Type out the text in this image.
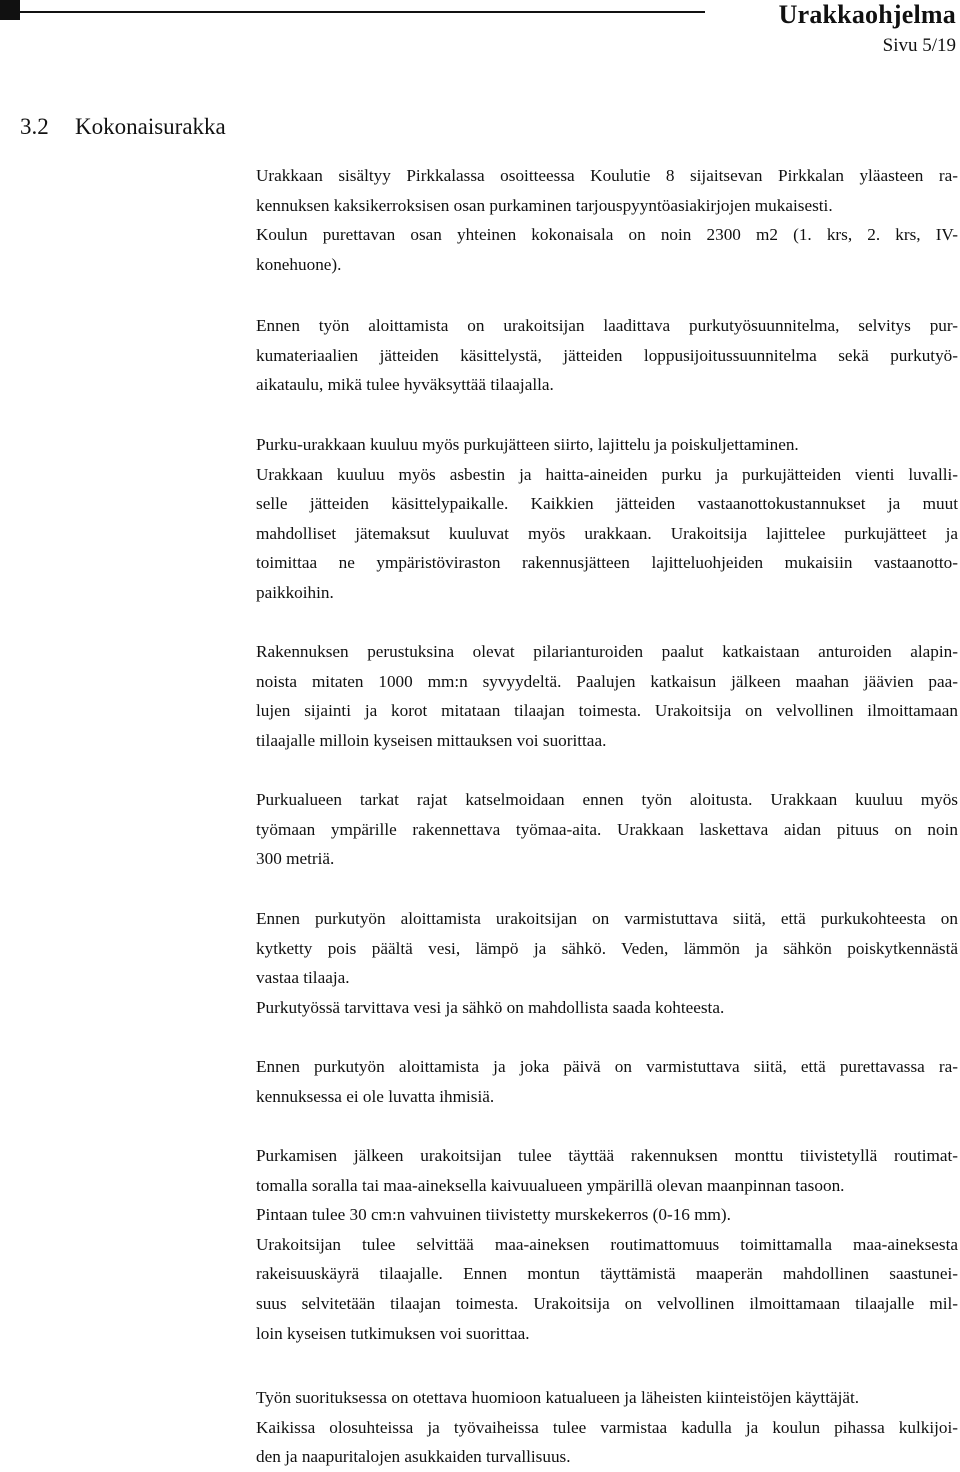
Urakkaohjelma
Sivu 5/19
3.2 Kokonaisurakka

Urakkaan sisältyy Pirkkalassa osoitteessa Koulutie 8 sijaitsevan Pirkkalan yläasteen ra-

kennuksen kaksikerroksisen osan purkaminen tarjouspyyntöasiakirjojen mukaisesti.

Koulun purettavan osan yhteinen kokonaisala on noin 2300 m2 (1. krs, 2. krs, IV-

konehuone).

Ennen työn aloittamista on urakoitsijan laadittava purkutyösuunnitelma, selvitys pur-

kumateriaalien jätteiden käsittelystä, jätteiden loppusijoitussuunnitelma sekä purkutyö-

aikataulu, mikä tulee hyväksyttää tilaajalla.

Purku-urakkaan kuuluu myös purkujätteen siirto, lajittelu ja poiskuljettaminen.

Urakkaan kuuluu myös asbestin ja haitta-aineiden purku ja purkujätteiden vienti luvalli-

selle jätteiden käsittelypaikalle. Kaikkien jätteiden vastaanottokustannukset ja muut

mahdolliset jätemaksut kuuluvat myös urakkaan. Urakoitsija lajittelee purkujätteet ja

toimittaa ne ympäristöviraston rakennusjätteen lajitteluohjeiden mukaisiin vastaanotto-

paikkoihin.

Rakennuksen perustuksina olevat pilarianturoiden paalut katkaistaan anturoiden alapin-

noista mitaten 1000 mm:n syvyydeltä. Paalujen katkaisun jälkeen maahan jäävien paa-

lujen sijainti ja korot mitataan tilaajan toimesta. Urakoitsija on velvollinen ilmoittamaan

tilaajalle milloin kyseisen mittauksen voi suorittaa.

Purkualueen tarkat rajat katselmoidaan ennen työn aloitusta. Urakkaan kuuluu myös

työmaan ympärille rakennettava työmaa-aita. Urakkaan laskettava aidan pituus on noin

300 metriä.

Ennen purkutyön aloittamista urakoitsijan on varmistuttava siitä, että purkukohteesta on

kytketty pois päältä vesi, lämpö ja sähkö. Veden, lämmön ja sähkön poiskytkennästä

vastaa tilaaja.

Purkutyössä tarvittava vesi ja sähkö on mahdollista saada kohteesta.

Ennen purkutyön aloittamista ja joka päivä on varmistuttava siitä, että purettavassa ra-

kennuksessa ei ole luvatta ihmisiä.

Purkamisen jälkeen urakoitsijan tulee täyttää rakennuksen monttu tiivistetyllä routimat-

tomalla soralla tai maa-aineksella kaivuualueen ympärillä olevan maanpinnan tasoon.

Pintaan tulee 30 cm:n vahvuinen tiivistetty murskekerros (0-16 mm).

Urakoitsijan tulee selvittää maa-aineksen routimattomuus toimittamalla maa-aineksesta

rakeisuuskäyrä tilaajalle. Ennen montun täyttämistä maaperän mahdollinen saastunei-

suus selvitetään tilaajan toimesta. Urakoitsija on velvollinen ilmoittamaan tilaajalle mil-

loin kyseisen tutkimuksen voi suorittaa.

Työn suorituksessa on otettava huomioon katualueen ja läheisten kiinteistöjen käyttäjät.

Kaikissa olosuhteissa ja työvaiheissa tulee varmistaa kadulla ja koulun pihassa kulkijoi-

den ja naapuritalojen asukkaiden turvallisuus.
